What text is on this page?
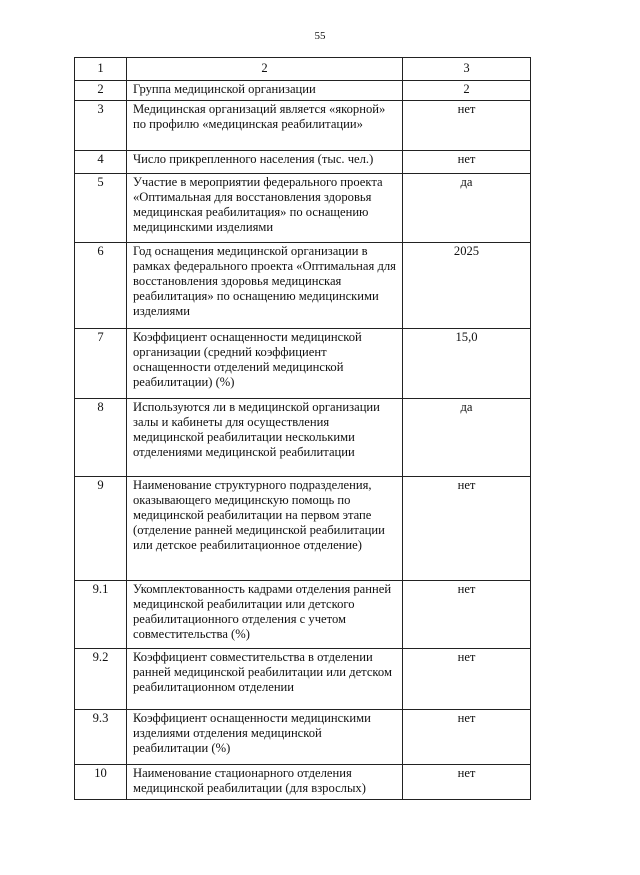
55
1	2	3
2	Группа медицинской организации	2
3	Медицинская организаций является «якорной» по профилю «медицинская реабилитации»	нет
4	Число прикрепленного населения (тыс. чел.)	нет
5	Участие в мероприятии федерального проекта «Оптимальная для восстановления здоровья медицинская реабилитация» по оснащению медицинскими изделиями	да
6	Год оснащения медицинской организации в рамках федерального проекта «Оптимальная для восстановления здоровья медицинская реабилитация» по оснащению медицинскими изделиями	2025
7	Коэффициент оснащенности медицинской организации (средний коэффициент оснащенности отделений медицинской реабилитации) (%)	15,0
8	Используются ли в медицинской организации залы и кабинеты для осуществления медицинской реабилитации несколькими отделениями медицинской реабилитации	да
9	Наименование структурного подразделения, оказывающего медицинскую помощь по медицинской реабилитации на первом этапе (отделение ранней медицинской реабилитации или детское реабилитационное отделение)	нет
9.1	Укомплектованность кадрами отделения ранней медицинской реабилитации или детского реабилитационного отделения с учетом совместительства (%)	нет
9.2	Коэффициент совместительства в отделении ранней медицинской реабилитации или детском реабилитационном отделении	нет
9.3	Коэффициент оснащенности медицинскими изделиями отделения медицинской реабилитации (%)	нет
10	Наименование стационарного отделения медицинской реабилитации (для взрослых)	нет
